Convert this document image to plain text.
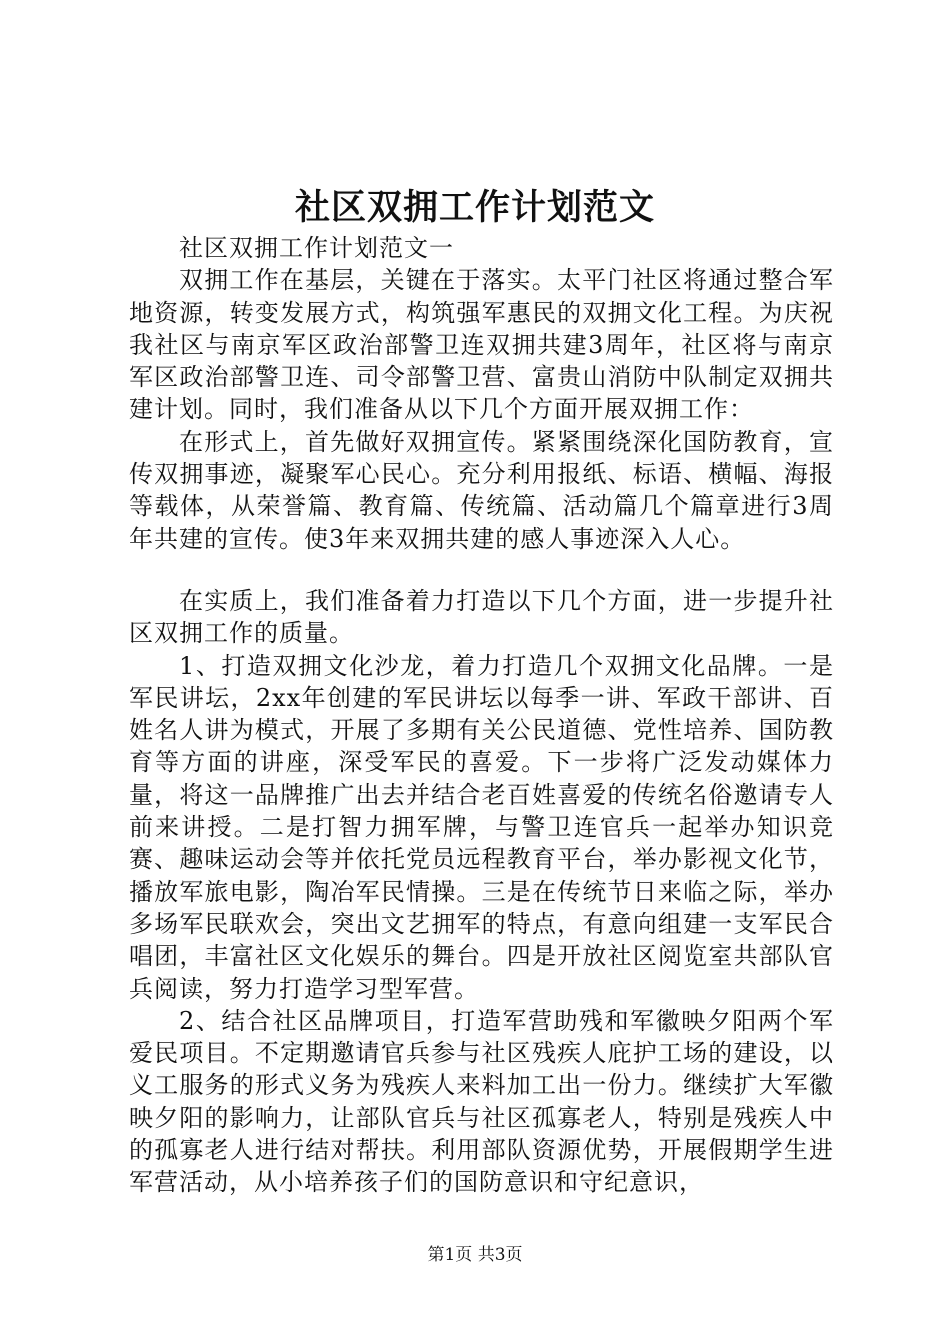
社区双拥工作计划范文

社区双拥工作计划范文一

双拥工作在基层，关键在于落实。太平门社区将通过整合军地资源，转变发展方式，构筑强军惠民的双拥文化工程。为庆祝我社区与南京军区政治部警卫连双拥共建3周年，社区将与南京军区政治部警卫连、司令部警卫营、富贵山消防中队制定双拥共建计划。同时，我们准备从以下几个方面开展双拥工作：

在形式上，首先做好双拥宣传。紧紧围绕深化国防教育，宣传双拥事迹，凝聚军心民心。充分利用报纸、标语、横幅、海报等载体，从荣誉篇、教育篇、传统篇、活动篇几个篇章进行3周年共建的宣传。使3年来双拥共建的感人事迹深入人心。

在实质上，我们准备着力打造以下几个方面，进一步提升社区双拥工作的质量。

1、打造双拥文化沙龙，着力打造几个双拥文化品牌。一是军民讲坛，2xx年创建的军民讲坛以每季一讲、军政干部讲、百姓名人讲为模式，开展了多期有关公民道德、党性培养、国防教育等方面的讲座，深受军民的喜爱。下一步将广泛发动媒体力量，将这一品牌推广出去并结合老百姓喜爱的传统名俗邀请专人前来讲授。二是打智力拥军牌，与警卫连官兵一起举办知识竞赛、趣味运动会等并依托党员远程教育平台，举办影视文化节，播放军旅电影，陶冶军民情操。三是在传统节日来临之际，举办多场军民联欢会，突出文艺拥军的特点，有意向组建一支军民合唱团，丰富社区文化娱乐的舞台。四是开放社区阅览室共部队官兵阅读，努力打造学习型军营。

2、结合社区品牌项目，打造军营助残和军徽映夕阳两个军爱民项目。不定期邀请官兵参与社区残疾人庇护工场的建设，以义工服务的形式义务为残疾人来料加工出一份力。继续扩大军徽映夕阳的影响力，让部队官兵与社区孤寡老人，特别是残疾人中的孤寡老人进行结对帮扶。利用部队资源优势，开展假期学生进军营活动，从小培养孩子们的国防意识和守纪意识，

第1页 共3页
